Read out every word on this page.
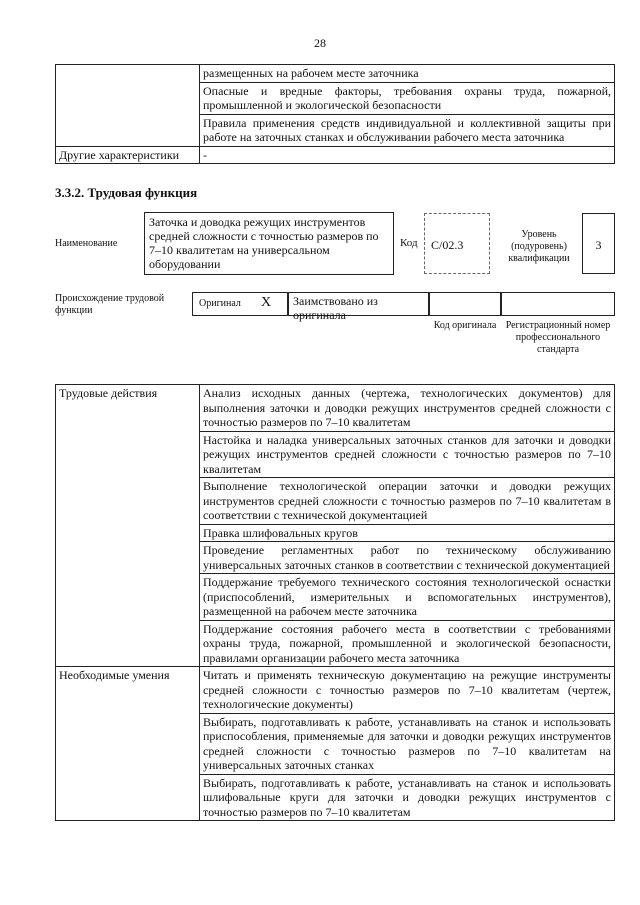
28
	размещенных на рабочем месте заточника
	Опасные и вредные факторы, требования охраны труда, пожарной, промышленной и экологической безопасности
	Правила применения средств индивидуальной и коллективной защиты при работе на заточных станках и обслуживании рабочего места заточника
Другие характеристики	-
3.3.2. Трудовая функция
Наименование
Заточка и доводка режущих инструментов средней сложности с точностью размеров по 7–10 квалитетам на универсальном оборудовании
Код	С/02.3
Уровень (подуровень) квалификации
3
Происхождение трудовой функции
Оригинал Х	Заимствовано из оригинала
Код оригинала Регистрационный номер профессионального стандарта
Трудовые действия	Анализ исходных данных (чертежа, технологических документов) для выполнения заточки и доводки режущих инструментов средней сложности с точностью размеров по 7–10 квалитетам
	Настойка и наладка универсальных заточных станков для заточки и доводки режущих инструментов средней сложности с точностью размеров по 7–10 квалитетам
	Выполнение технологической операции заточки и доводки режущих инструментов средней сложности с точностью размеров по 7–10 квалитетам в соответствии с технической документацией
	Правка шлифовальных кругов
	Проведение регламентных работ по техническому обслуживанию универсальных заточных станков в соответствии с технической документацией
	Поддержание требуемого технического состояния технологической оснастки (приспособлений, измерительных и вспомогательных инструментов), размещенной на рабочем месте заточника
	Поддержание состояния рабочего места в соответствии с требованиями охраны труда, пожарной, промышленной и экологической безопасности, правилами организации рабочего места заточника
Необходимые умения	Читать и применять техническую документацию на режущие инструменты средней сложности с точностью размеров по 7–10 квалитетам (чертеж, технологические документы)
	Выбирать, подготавливать к работе, устанавливать на станок и использовать приспособления, применяемые для заточки и доводки режущих инструментов средней сложности с точностью размеров по 7–10 квалитетам на универсальных заточных станках
	Выбирать, подготавливать к работе, устанавливать на станок и использовать шлифовальные круги для заточки и доводки режущих инструментов с точностью размеров по 7–10 квалитетам
